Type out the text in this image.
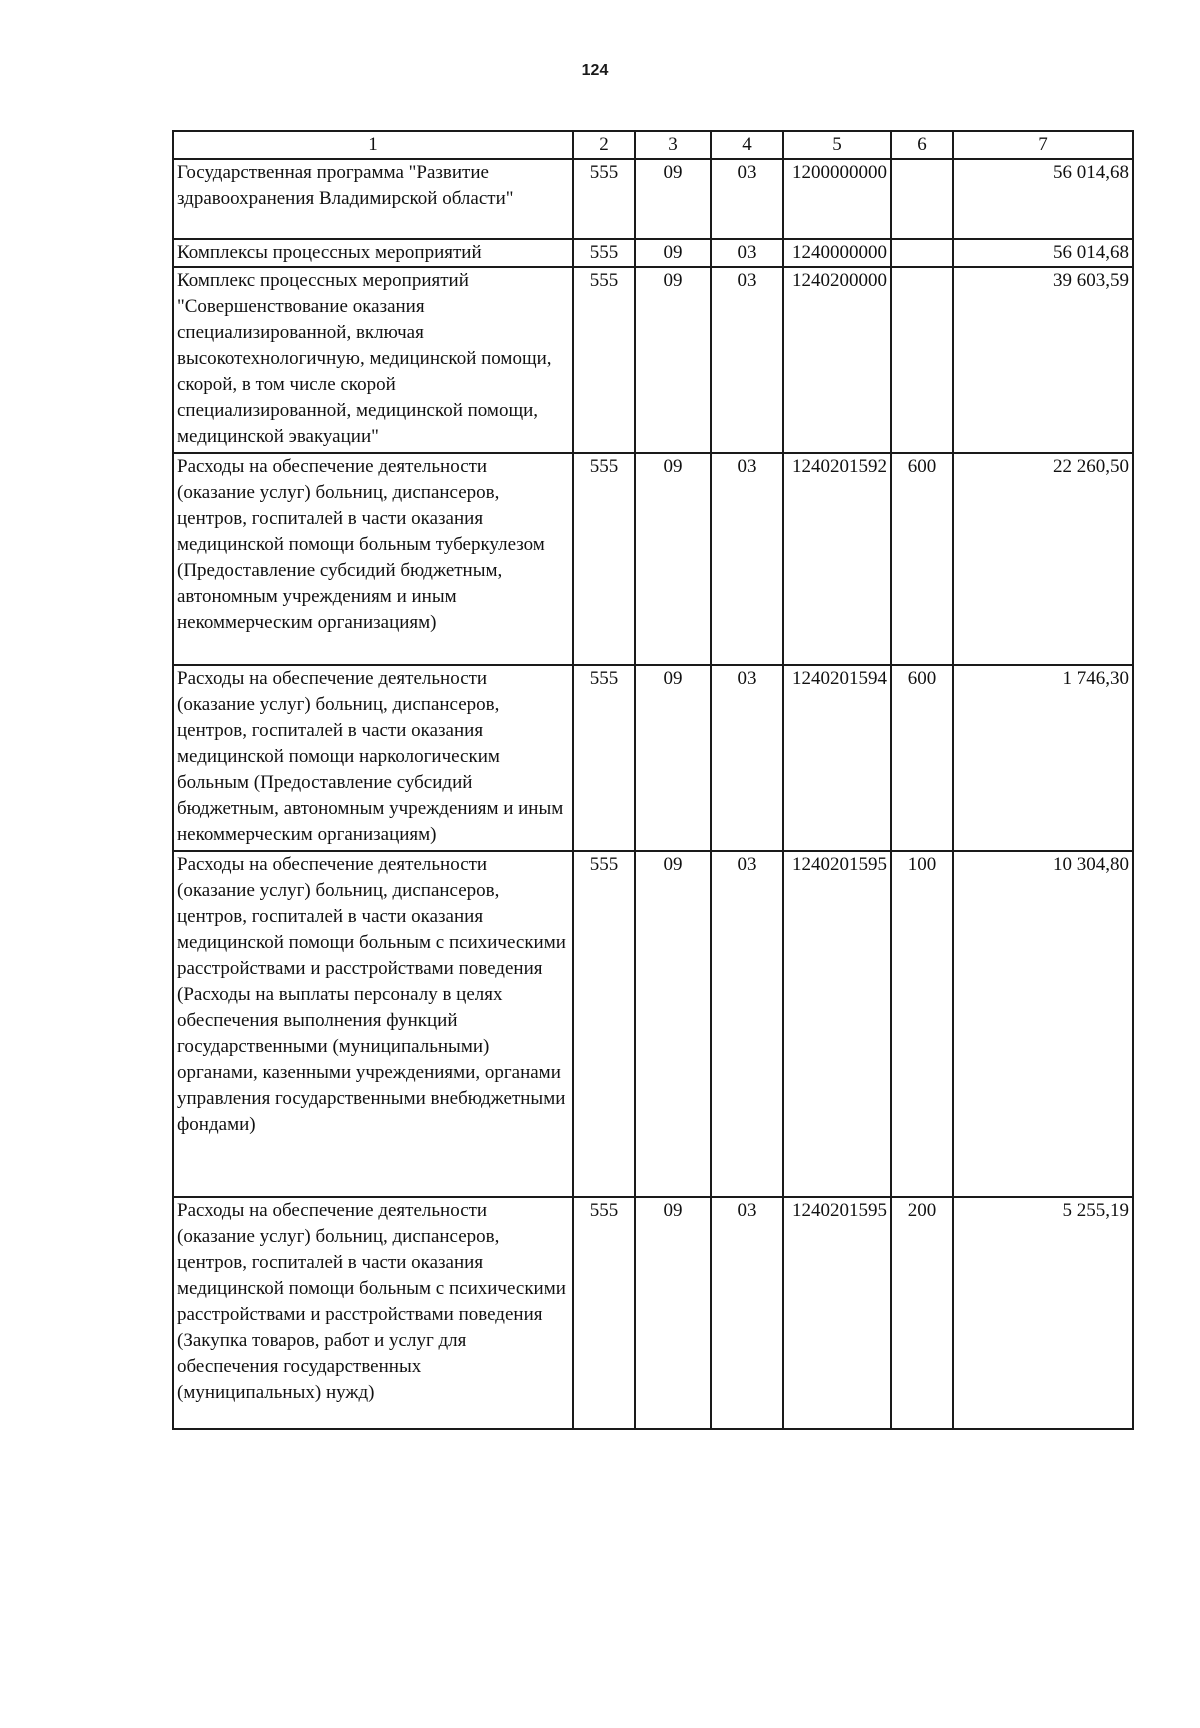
124
1	2	3	4	5	6	7
Государственная программа "Развитие здравоохранения Владимирской области"	555	09	03	1200000000		56 014,68
Комплексы процессных мероприятий	555	09	03	1240000000		56 014,68
Комплекс процессных мероприятий "Совершенствование оказания специализированной, включая высокотехнологичную, медицинской помощи, скорой, в том числе скорой специализированной, медицинской помощи, медицинской эвакуации"	555	09	03	1240200000		39 603,59
Расходы на обеспечение деятельности (оказание услуг) больниц, диспансеров, центров, госпиталей в части оказания медицинской помощи больным туберкулезом (Предоставление субсидий бюджетным, автономным учреждениям и иным некоммерческим организациям)	555	09	03	1240201592	600	22 260,50
Расходы на обеспечение деятельности (оказание услуг) больниц, диспансеров, центров, госпиталей в части оказания медицинской помощи наркологическим больным (Предоставление субсидий бюджетным, автономным учреждениям и иным некоммерческим организациям)	555	09	03	1240201594	600	1 746,30
Расходы на обеспечение деятельности (оказание услуг) больниц, диспансеров, центров, госпиталей в части оказания медицинской помощи больным с психическими расстройствами и расстройствами поведения (Расходы на выплаты персоналу в целях обеспечения выполнения функций государственными (муниципальными) органами, казенными учреждениями, органами управления государственными внебюджетными фондами)	555	09	03	1240201595	100	10 304,80
Расходы на обеспечение деятельности (оказание услуг) больниц, диспансеров, центров, госпиталей в части оказания медицинской помощи больным с психическими расстройствами и расстройствами поведения (Закупка товаров, работ и услуг для обеспечения государственных (муниципальных) нужд)	555	09	03	1240201595	200	5 255,19
